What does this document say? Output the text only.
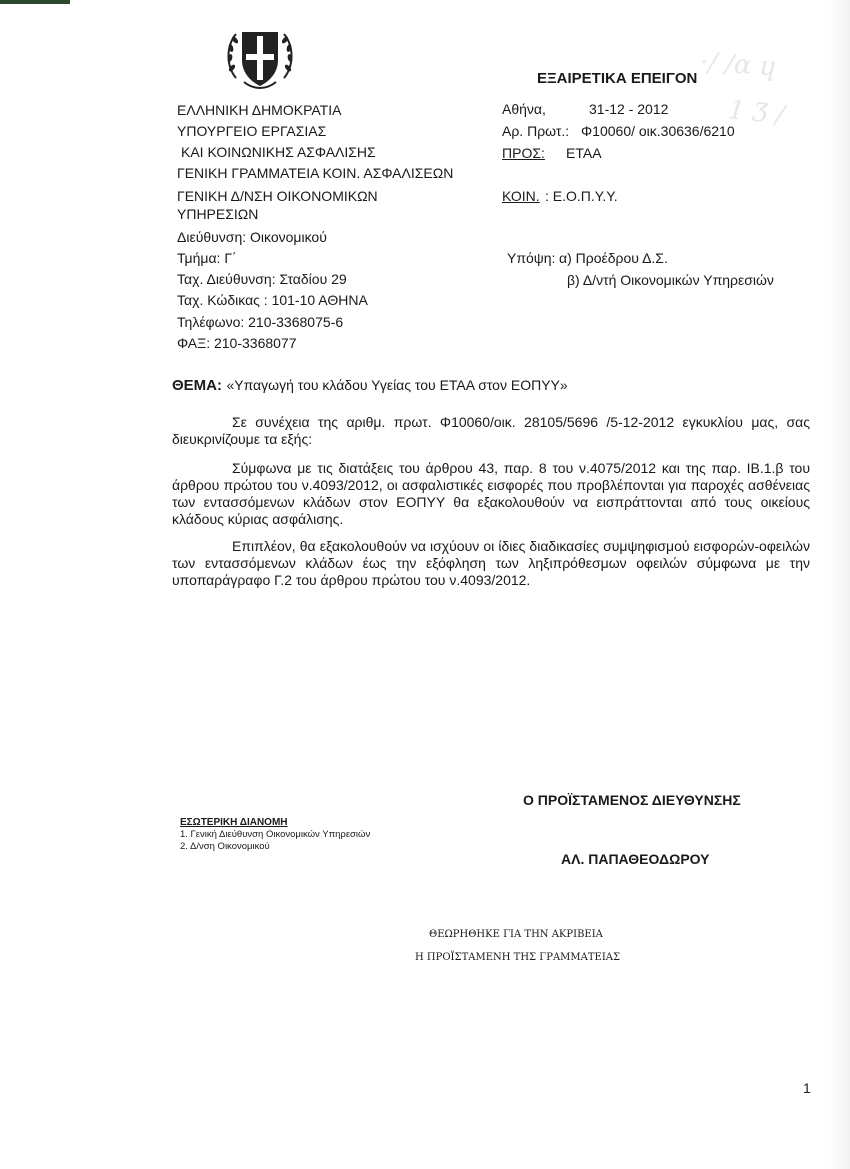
·/ /ɑ ɥ
1 Ʒ /
ΕΞΑΙΡΕΤΙΚΑ ΕΠΕΙΓΟΝ
ΕΛΛΗΝΙΚΗ ΔΗΜΟΚΡΑΤΙΑ
ΥΠΟΥΡΓΕΙΟ ΕΡΓΑΣΙΑΣ
ΚΑΙ ΚΟΙΝΩΝΙΚΗΣ ΑΣΦΑΛΙΣΗΣ
ΓΕΝΙΚΗ ΓΡΑΜΜΑΤΕΙΑ ΚΟΙΝ. ΑΣΦΑΛΙΣΕΩΝ
ΓΕΝΙΚΗ Δ/ΝΣΗ ΟΙΚΟΝΟΜΙΚΩΝ
ΥΠΗΡΕΣΙΩΝ
Διεύθυνση: Οικονομικού
Τμήμα: Γ΄
Ταχ. Διεύθυνση: Σταδίου 29
Ταχ. Κώδικας : 101-10 ΑΘΗΝΑ
Τηλέφωνο: 210-3368075-6
ΦΑΞ: 210-3368077
Αθήνα,	31-12 - 2012
Αρ. Πρωτ.: Φ10060/ οικ.30636/6210
ΠΡΟΣ: ΕΤΑΑ
ΚΟΙΝ. : Ε.Ο.Π.Υ.Υ.
Υπόψη: α) Προέδρου Δ.Σ.
β) Δ/ντή Οικονομικών Υπηρεσιών
ΘΕΜΑ: «Υπαγωγή του κλάδου Υγείας του ΕΤΑΑ στον ΕΟΠΥΥ»
Σε συνέχεια της αριθμ. πρωτ. Φ10060/οικ. 28105/5696 /5-12-2012 εγκυκλίου μας, σας διευκρινίζουμε τα εξής:
Σύμφωνα με τις διατάξεις του άρθρου 43, παρ. 8 του ν.4075/2012 και της παρ. ΙΒ.1.β του άρθρου πρώτου του ν.4093/2012, οι ασφαλιστικές εισφορές που προβλέπονται για παροχές ασθένειας των εντασσόμενων κλάδων στον ΕΟΠΥΥ θα εξακολουθούν να εισπράττονται από τους οικείους κλάδους κύριας ασφάλισης.
Επιπλέον, θα εξακολουθούν να ισχύουν οι ίδιες διαδικασίες συμψηφισμού εισφορών-οφειλών των εντασσόμενων κλάδων έως την εξόφληση των ληξιπρόθεσμων οφειλών σύμφωνα με την υποπαράγραφο Γ.2 του άρθρου πρώτου του ν.4093/2012.
Ο ΠΡΟΪΣΤΑΜΕΝΟΣ ΔΙΕΥΘΥΝΣΗΣ
ΑΛ. ΠΑΠΑΘΕΟΔΩΡΟΥ
ΕΣΩΤΕΡΙΚΗ ΔΙΑΝΟΜΗ
1. Γενική Διεύθυνση Οικονομικών Υπηρεσιών
2. Δ/νση Οικονομικού
ΘΕΩΡΗΘΗΚΕ ΓΙΑ ΤΗΝ ΑΚΡΙΒΕΙΑ
Η ΠΡΟΪΣΤΑΜΕΝΗ ΤΗΣ ΓΡΑΜΜΑΤΕΙΑΣ
1
